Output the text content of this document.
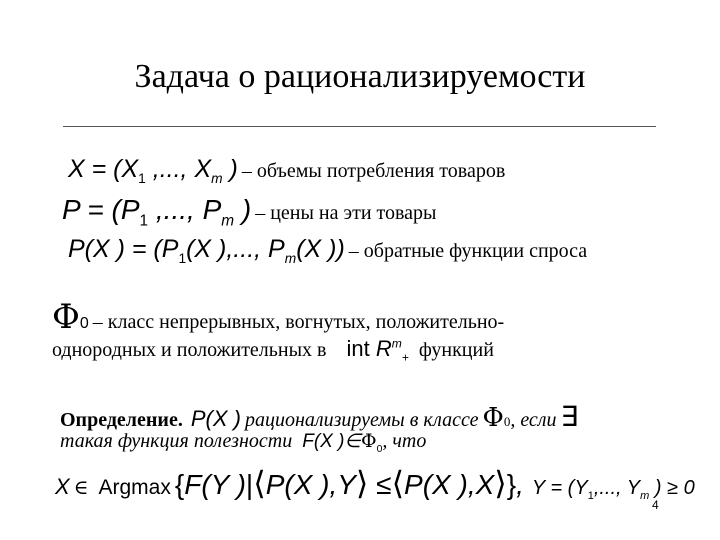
Задача о рационализируемости
$X = (X_1$ ,..., $X_m$ ) – объемы потребления товаров
$P = (P_1$ ,..., $P_m$ ) – цены на эти товары
P(X ) = ($P_1(X$ ),..., $P_m(X$ )) – обратные функции спроса
Φ0 – класс непрерывных, вогнутых, положительно-
однородных и положительных в int $R^m_+$ функций
Определение. P(X ) рационализируемы в классе Φ0, если ∃
такая функция полезности F(X )$\in\Phi_0$, что
X ∈ Argmax {F(Y )|⟨P(X ),Y⟩ ≤⟨P(X ),X⟩}, $Y = (Y_1$,..., $Y_m$ ) ≥ 0
4
